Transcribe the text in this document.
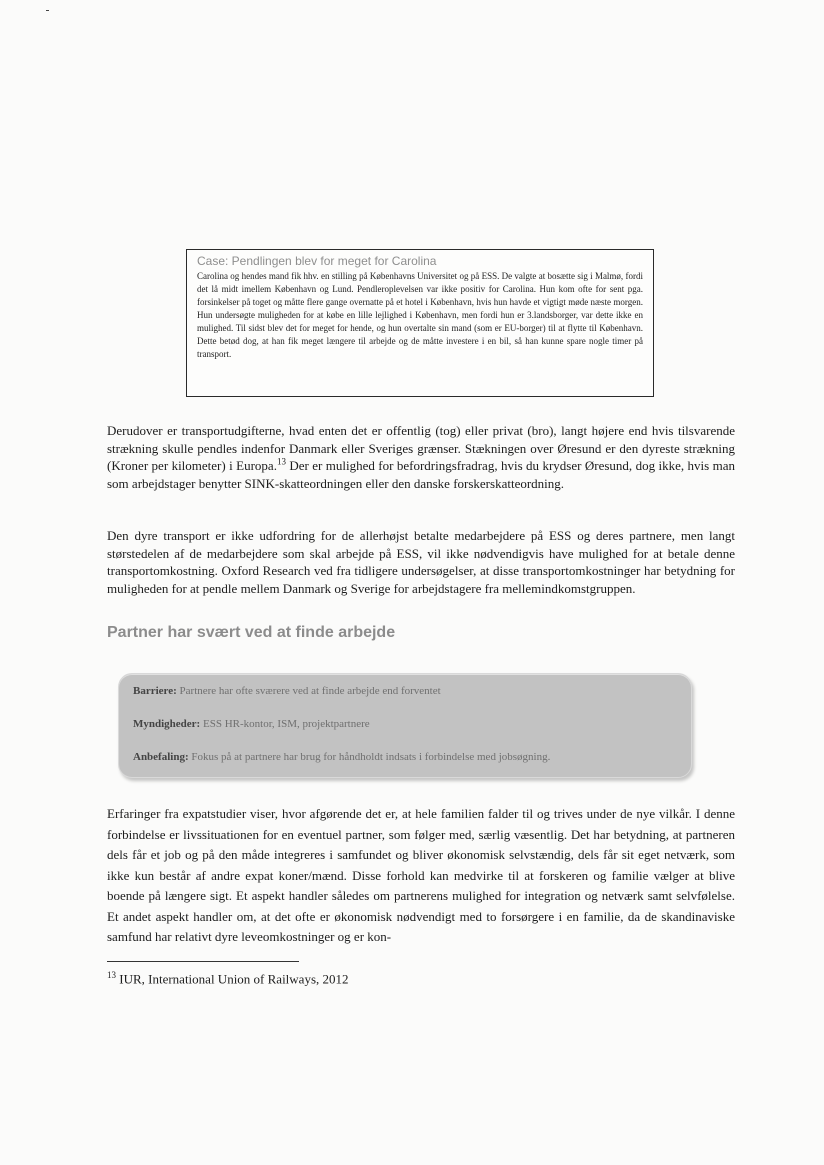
Case: Pendlingen blev for meget for Carolina

Carolina og hendes mand fik hhv. en stilling på Københavns Universitet og på ESS. De valgte at bosætte sig i Malmø, fordi det lå midt imellem København og Lund. Pendleroplevelsen var ikke positiv for Carolina. Hun kom ofte for sent pga. forsinkelser på toget og måtte flere gange overnatte på et hotel i København, hvis hun havde et vigtigt møde næste morgen. Hun undersøgte muligheden for at købe en lille lejlighed i København, men fordi hun er 3.landsborger, var dette ikke en mulighed. Til sidst blev det for meget for hende, og hun overtalte sin mand (som er EU-borger) til at flytte til København. Dette betød dog, at han fik meget længere til arbejde og de måtte investere i en bil, så han kunne spare nogle timer på transport.

Derudover er transportudgifterne, hvad enten det er offentlig (tog) eller privat (bro), langt højere end hvis tilsvarende strækning skulle pendles indenfor Danmark eller Sveriges grænser. Stækningen over Øresund er den dyreste strækning (Kroner per kilometer) i Europa.$^{13}$ Der er mulighed for befordringsfradrag, hvis du krydser Øresund, dog ikke, hvis man som arbejdstager benytter SINK-skatteordningen eller den danske forskerskatteordning.

Den dyre transport er ikke udfordring for de allerhøjst betalte medarbejdere på ESS og deres partnere, men langt størstedelen af de medarbejdere som skal arbejde på ESS, vil ikke nødvendigvis have mulighed for at betale denne transportomkostning. Oxford Research ved fra tidligere undersøgelser, at disse transportomkostninger har betydning for muligheden for at pendle mellem Danmark og Sverige for arbejdstagere fra mellemindkomstgruppen.

Partner har svært ved at finde arbejde

Barriere: Partnere har ofte sværere ved at finde arbejde end forventet

Myndigheder: ESS HR-kontor, ISM, projektpartnere

Anbefaling: Fokus på at partnere har brug for håndholdt indsats i forbindelse med jobsøgning.

Erfaringer fra expatstudier viser, hvor afgørende det er, at hele familien falder til og trives under de nye vilkår. I denne forbindelse er livssituationen for en eventuel partner, som følger med, særlig væsentlig. Det har betydning, at partneren dels får et job og på den måde integreres i samfundet og bliver økonomisk selvstændig, dels får sit eget netværk, som ikke kun består af andre expat koner/mænd. Disse forhold kan medvirke til at forskeren og familie vælger at blive boende på længere sigt. Et aspekt handler således om partnerens mulighed for integration og netværk samt selvfølelse. Et andet aspekt handler om, at det ofte er økonomisk nødvendigt med to forsørgere i en familie, da de skandinaviske samfund har relativt dyre leveomkostninger og er kon-

$^{13}$ IUR, International Union of Railways, 2012
